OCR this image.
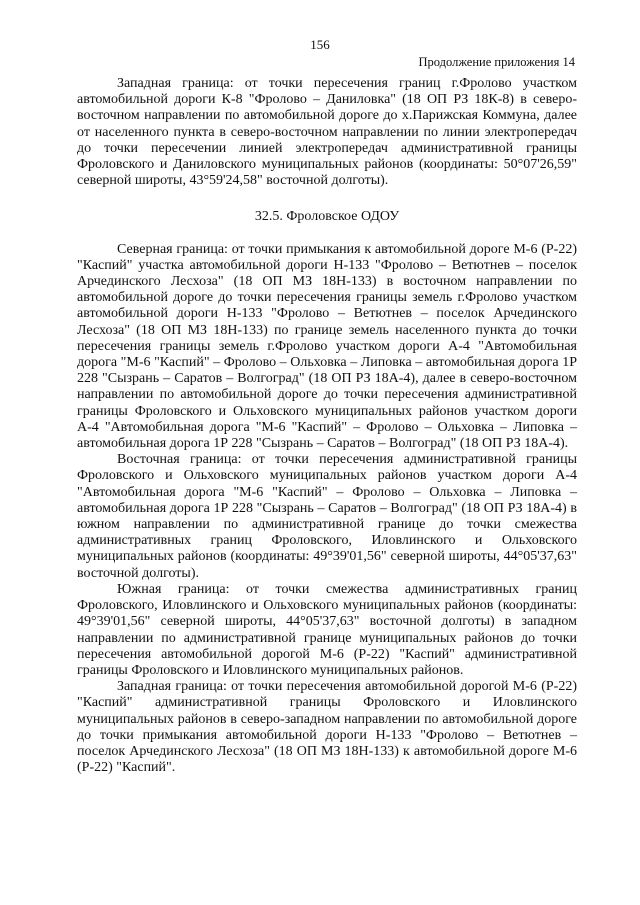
156
Продолжение приложения 14

Западная граница: от точки пересечения границ г.Фролово участком автомобильной дороги К-8 "Фролово – Даниловка" (18 ОП РЗ 18К-8) в северо-восточном направлении по автомобильной дороге до х.Парижская Коммуна, далее от населенного пункта в северо-восточном направлении по линии электропередач до точки пересечении линией электропередач административной границы Фроловского и Даниловского муниципальных районов (координаты: 50°07'26,59" северной широты, 43°59'24,58" восточной долготы).

32.5. Фроловское ОДОУ

Северная граница: от точки примыкания к автомобильной дороге М-6 (Р-22) "Каспий" участка автомобильной дороги Н-133 "Фролово – Ветютнев – поселок Арчединского Лесхоза" (18 ОП МЗ 18Н-133) в восточном направлении по автомобильной дороге до точки пересечения границы земель г.Фролово участком автомобильной дороги Н-133 "Фролово – Ветютнев – поселок Арчединского Лесхоза" (18 ОП МЗ 18Н-133) по границе земель населенного пункта до точки пересечения границы земель г.Фролово участком дороги А-4 "Автомобильная дорога "М-6 "Каспий" – Фролово – Ольховка – Липовка – автомобильная дорога 1Р 228 "Сызрань – Саратов – Волгоград" (18 ОП РЗ 18А-4), далее в северо-восточном направлении по автомобильной дороге до точки пересечения административной границы Фроловского и Ольховского муниципальных районов участком дороги А-4 "Автомобильная дорога "М-6 "Каспий" – Фролово – Ольховка – Липовка – автомобильная дорога 1Р 228 "Сызрань – Саратов – Волгоград" (18 ОП РЗ 18А-4).

Восточная граница: от точки пересечения административной границы Фроловского и Ольховского муниципальных районов участком дороги А-4 "Автомобильная дорога "М-6 "Каспий" – Фролово – Ольховка – Липовка – автомобильная дорога 1Р 228 "Сызрань – Саратов – Волгоград" (18 ОП РЗ 18А-4) в южном направлении по административной границе до точки смежества административных границ Фроловского, Иловлинского и Ольховского муниципальных районов (координаты: 49°39'01,56" северной широты, 44°05'37,63" восточной долготы).

Южная граница: от точки смежества административных границ Фроловского, Иловлинского и Ольховского муниципальных районов (координаты: 49°39'01,56" северной широты, 44°05'37,63" восточной долготы) в западном направлении по административной границе муниципальных районов до точки пересечения автомобильной дорогой М-6 (Р-22) "Каспий" административной границы Фроловского и Иловлинского муниципальных районов.

Западная граница: от точки пересечения автомобильной дорогой М-6 (Р-22) "Каспий" административной границы Фроловского и Иловлинского муниципальных районов в северо-западном направлении по автомобильной дороге до точки примыкания автомобильной дороги Н-133 "Фролово – Ветютнев – поселок Арчединского Лесхоза" (18 ОП МЗ 18Н-133) к автомобильной дороге М-6 (Р-22) "Каспий".
